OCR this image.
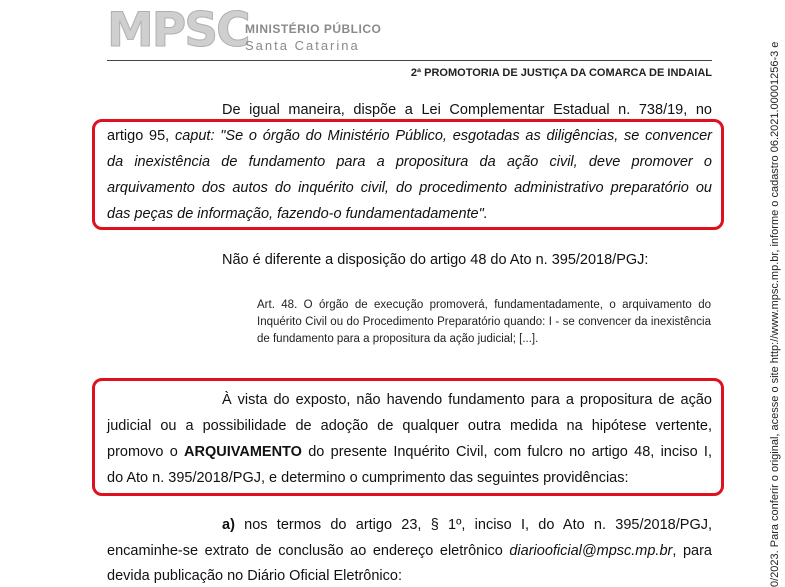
MPSC
MINISTÉRIO PÚBLICO
Santa Catarina
2ª PROMOTORIA DE JUSTIÇA DA COMARCA DE INDAIAL
De igual maneira, dispõe a Lei Complementar Estadual n. 738/19, no
artigo 95, caput: "Se o órgão do Ministério Público, esgotadas as diligências, se convencer
da inexistência de fundamento para a propositura da ação civil, deve promover o
arquivamento dos autos do inquérito civil, do procedimento administrativo preparatório ou
das peças de informação, fazendo-o fundamentadamente".
Não é diferente a disposição do artigo 48 do Ato n. 395/2018/PGJ:
Art. 48. O órgão de execução promoverá, fundamentadamente, o arquivamento do Inquérito Civil ou do Procedimento Preparatório quando: I - se convencer da inexistência de fundamento para a propositura da ação judicial; [...].
À vista do exposto, não havendo fundamento para a propositura de ação
judicial ou a possibilidade de adoção de qualquer outra medida na hipótese vertente,
promovo o ARQUIVAMENTO do presente Inquérito Civil, com fulcro no artigo 48, inciso I,
do Ato n. 395/2018/PGJ, e determino o cumprimento das seguintes providências:
a) nos termos do artigo 23, § 1º, inciso I, do Ato n. 395/2018/PGJ,
encaminhe-se extrato de conclusão ao endereço eletrônico diariooficial@mpsc.mp.br, para
devida publicação no Diário Oficial Eletrônico:	0/2023. Para conferir o original, acesse o site http://www.mpsc.mp.br, informe o cadastro 06.2021.00001256-3 e
